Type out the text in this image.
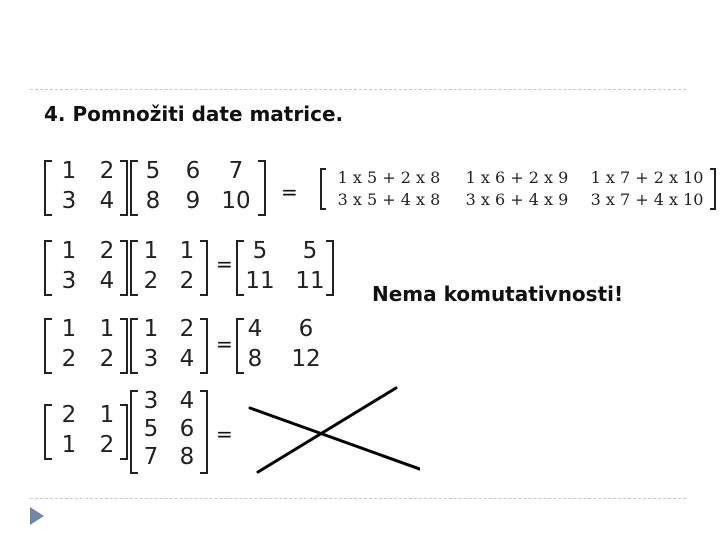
4. Pomnožiti date matrice.
Nema komutativnosti!
=
=
=
=
1	2
3	4
5	6	7
8	9 10
1 x 5 + 2 x 8	1 x 6 + 2 x 9	1 x 7 + 2 x 10
3 x 5 + 4 x 8	3 x 6 + 4 x 9	3 x 7 + 4 x 10
1	2
3	4
1 1
2 2
5	5
11 11
1	1
2	2
1 2
3 4
4	6
8	12
2	1
1	2
3 4
5 6
7 8
